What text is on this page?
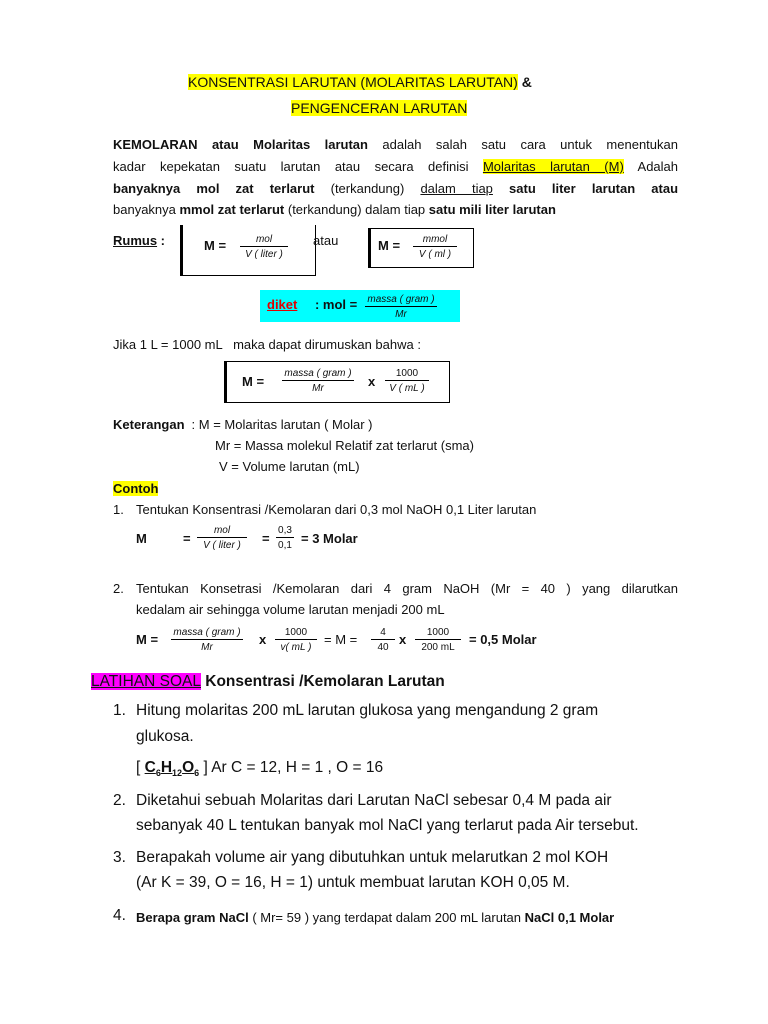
KONSENTRASI LARUTAN (MOLARITAS LARUTAN) &
PENGENCERAN LARUTAN
KEMOLARAN atau Molaritas larutan adalah salah satu cara untuk menentukan
kadar kepekatan suatu larutan atau secara definisi Molaritas larutan (M) Adalah
banyaknya mol zat terlarut (terkandung) dalam tiap satu liter larutan atau
banyaknya mmol zat terlarut (terkandung) dalam tiap satu mili liter larutan
Rumus :	M =	mol
V ( liter )
atau	M =	mmol
V ( ml )
diket : mol = massa ( gram )
Mr
Jika 1 L = 1000 mL   maka dapat dirumuskan bahwa :
M =
massa ( gram )
Mr	x $\frac{1000}{V ( mL )}$
Keterangan : M = Molaritas larutan ( Molar )
Mr = Massa molekul Relatif zat terlarut (sma)
V = Volume larutan (mL)
Contoh
1. Tentukan Konsentrasi /Kemolaran dari 0,3 mol NaOH 0,1 Liter larutan
M	=
mol
V ( liter ) = $\frac{0,3}{0,1} = 3$ Molar
2. Tentukan Konsetrasi /Kemolaran dari 4 gram NaOH (Mr = 40 ) yang dilarutkan
kedalam air sehingga volume larutan menjadi 200 mL
M = massa ( gram )
Mr
x $\frac{1000}{v( mL )} = M = \frac{4}{40}$ x $\frac{1000}{200 mL} = 0,5$ Molar
LATIHAN SOAL Konsentrasi /Kemolaran Larutan
1. Hitung molaritas 200 mL larutan glukosa yang mengandung 2 gram
glukosa.
[ $C_6H_{12}O_6$ ] Ar C = 12, H = 1 , O = 16
2. Diketahui sebuah Molaritas dari Larutan NaCl sebesar 0,4 M pada air
sebanyak 40 L tentukan banyak mol NaCl yang terlarut pada Air tersebut.
3. Berapakah volume air yang dibutuhkan untuk melarutkan 2 mol KOH
(Ar K = 39, O = 16, H = 1) untuk membuat larutan KOH 0,05 M.
4. Berapa gram NaCl ( Mr= 59 ) yang terdapat dalam 200 mL larutan NaCl 0,1 Molar
